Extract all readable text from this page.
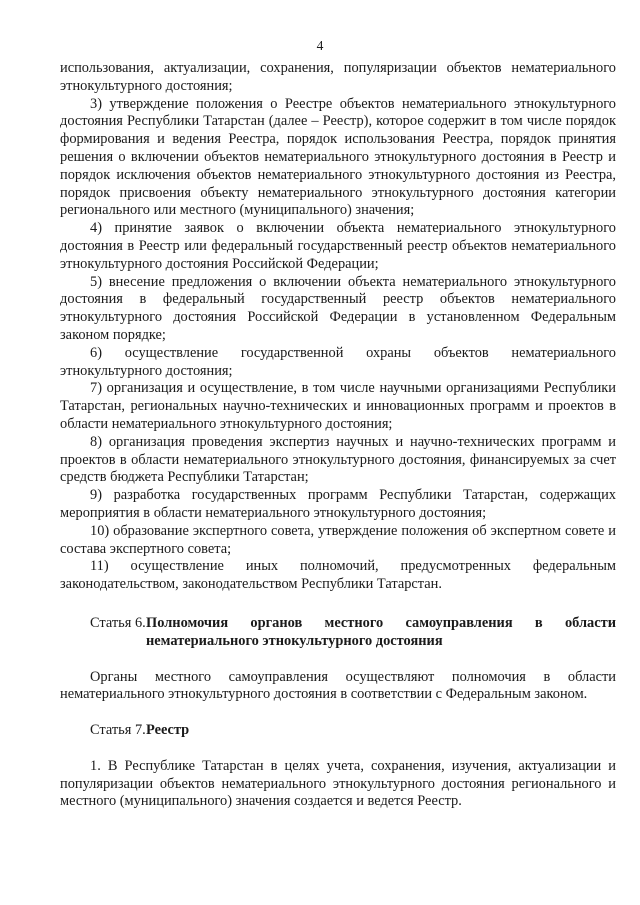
4

использования, актуализации, сохранения, популяризации объектов нематериального этнокультурного достояния;

3) утверждение положения о Реестре объектов нематериального этнокультурного достояния Республики Татарстан (далее – Реестр), которое содержит в том числе порядок формирования и ведения Реестра, порядок использования Реестра, порядок принятия решения о включении объектов нематериального этнокультурного достояния в Реестр и порядок исключения объектов нематериального этнокультурного достояния из Реестра, порядок присвоения объекту нематериального этнокультурного достояния категории регионального или местного (муниципального) значения;

4) принятие заявок о включении объекта нематериального этнокультурного достояния в Реестр или федеральный государственный реестр объектов нематериального этнокультурного достояния Российской Федерации;

5) внесение предложения о включении объекта нематериального этнокультурного достояния в федеральный государственный реестр объектов нематериального этнокультурного достояния Российской Федерации в установленном Федеральным законом порядке;

6) осуществление государственной охраны объектов нематериального этнокультурного достояния;

7) организация и осуществление, в том числе научными организациями Республики Татарстан, региональных научно-технических и инновационных программ и проектов в области нематериального этнокультурного достояния;

8) организация проведения экспертиз научных и научно-технических программ и проектов в области нематериального этнокультурного достояния, финансируемых за счет средств бюджета Республики Татарстан;

9) разработка государственных программ Республики Татарстан, содержащих мероприятия в области нематериального этнокультурного достояния;

10) образование экспертного совета, утверждение положения об экспертном совете и состава экспертного совета;

11) осуществление иных полномочий, предусмотренных федеральным законодательством, законодательством Республики Татарстан.

Статья 6. Полномочия органов местного самоуправления в области нематериального этнокультурного достояния

Органы местного самоуправления осуществляют полномочия в области нематериального этнокультурного достояния в соответствии с Федеральным законом.

Статья 7. Реестр

1. В Республике Татарстан в целях учета, сохранения, изучения, актуализации и популяризации объектов нематериального этнокультурного достояния регионального и местного (муниципального) значения создается и ведется Реестр.
